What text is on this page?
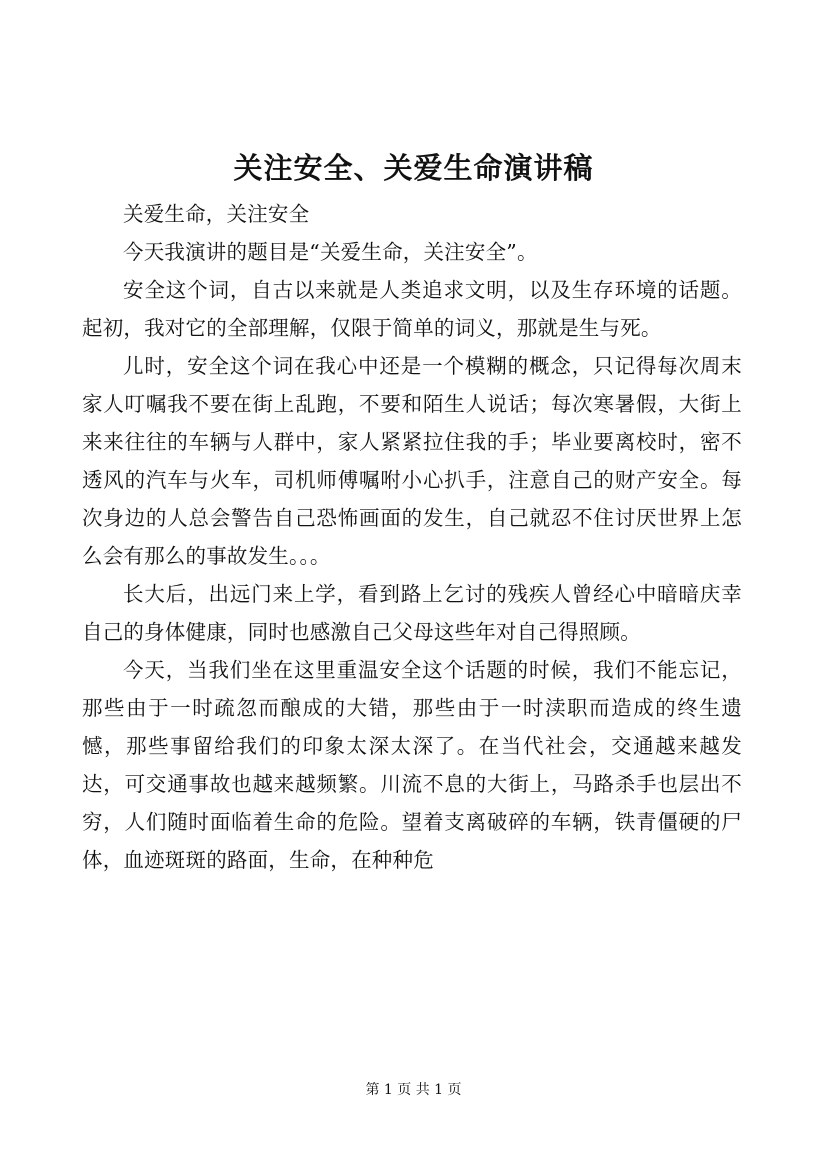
关注安全、关爱生命演讲稿

关爱生命，关注安全

今天我演讲的题目是“关爱生命，关注安全”。

安全这个词，自古以来就是人类追求文明，以及生存环境的话题。起初，我对它的全部理解，仅限于简单的词义，那就是生与死。

儿时，安全这个词在我心中还是一个模糊的概念，只记得每次周末家人叮嘱我不要在街上乱跑，不要和陌生人说话；每次寒暑假，大街上来来往往的车辆与人群中，家人紧紧拉住我的手；毕业要离校时，密不透风的汽车与火车，司机师傅嘱咐小心扒手，注意自己的财产安全。每次身边的人总会警告自己恐怖画面的发生，自己就忍不住讨厌世界上怎么会有那么的事故发生。。。

长大后，出远门来上学，看到路上乞讨的残疾人曾经心中暗暗庆幸自己的身体健康，同时也感激自己父母这些年对自己得照顾。

今天，当我们坐在这里重温安全这个话题的时候，我们不能忘记，那些由于一时疏忽而酿成的大错，那些由于一时渎职而造成的终生遗憾，那些事留给我们的印象太深太深了。在当代社会，交通越来越发达，可交通事故也越来越频繁。川流不息的大街上，马路杀手也层出不穷，人们随时面临着生命的危险。望着支离破碎的车辆，铁青僵硬的尸体，血迹斑斑的路面，生命，在种种危

第 1 页 共 1 页
